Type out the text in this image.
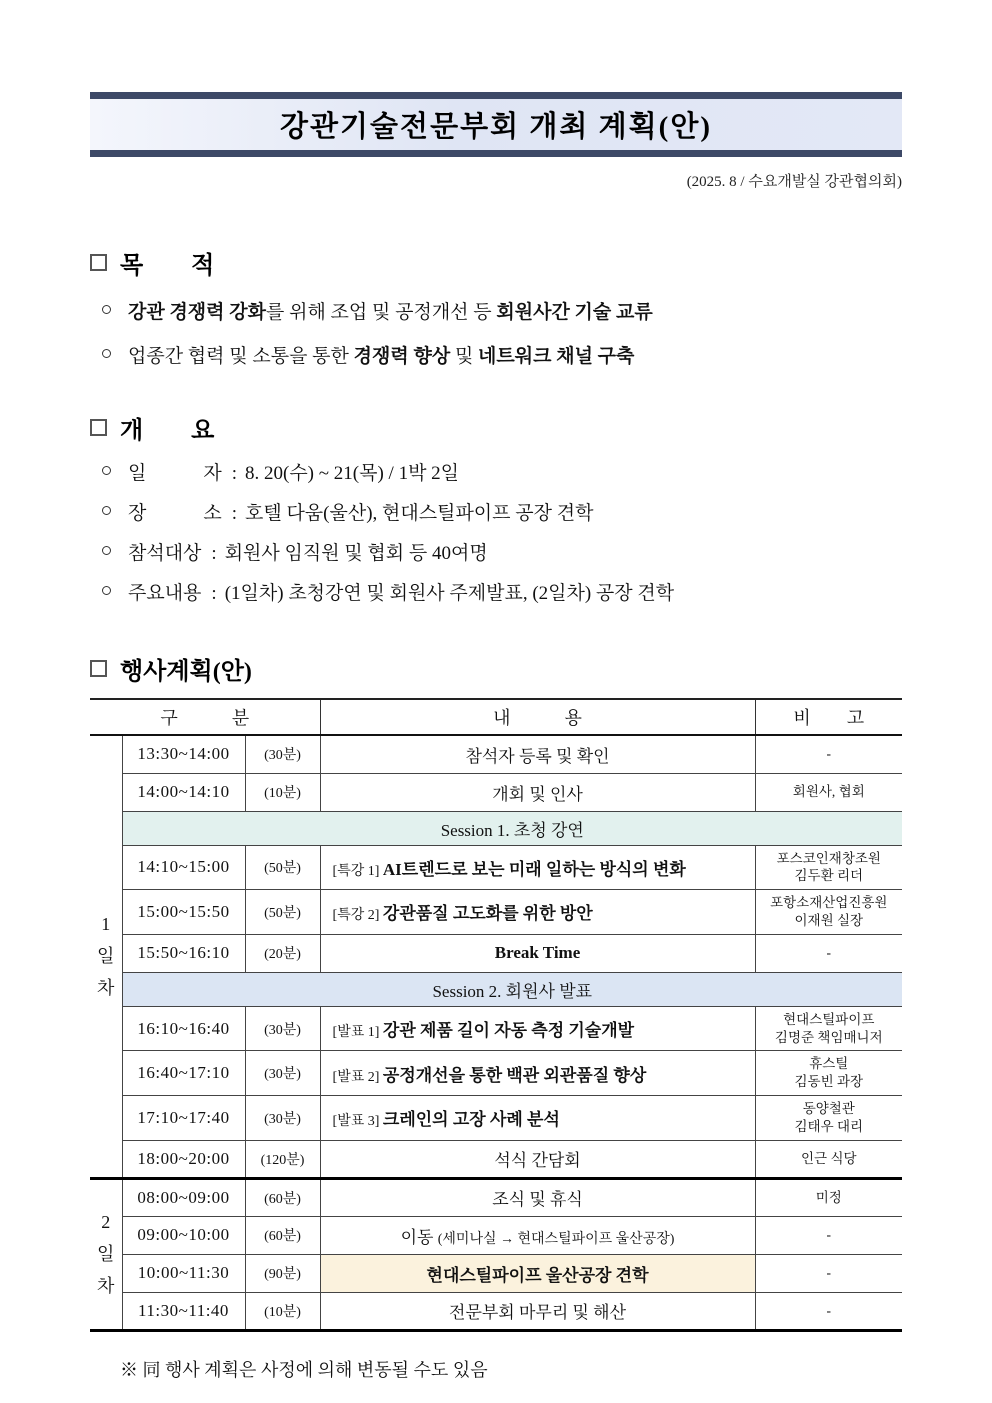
강관기술전문부회 개최 계획(안)
(2025. 8 / 수요개발실 강관협의회)
목　　적
강관 경쟁력 강화를 위해 조업 및 공정개선 등 회원사간 기술 교류
업종간 협력 및 소통을 통한 경쟁력 향상 및 네트워크 채널 구축
개　　요
일　　　자 : 8. 20(수) ~ 21(목) / 1박 2일
장　　　소 : 호텔 다움(울산), 현대스틸파이프 공장 견학
참석대상 : 회원사 임직원 및 협회 등 40여명
주요내용 : (1일차) 초청강연 및 회원사 주제발표, (2일차) 공장 견학
행사계획(안)
구　　　분			내　　　용	비　　고

1
일
차	13:30~14:00	(30분)	참석자 등록 및 확인	-

	14:00~14:10	(10분)	개회 및 인사	회원사, 협회

	Session 1. 초청 강연			
	14:10~15:00	(50분)	[특강 1] AI트렌드로 보는 미래 일하는 방식의 변화	포스코인재창조원
김두환 리더

	15:00~15:50	(50분)	[특강 2] 강관품질 고도화를 위한 방안	포항소재산업진흥원
이재원 실장

	15:50~16:10	(20분)	Break Time	-

	Session 2. 회원사 발표			
	16:10~16:40	(30분)	[발표 1] 강관 제품 길이 자동 측정 기술개발	현대스틸파이프
김명준 책임매니저

	16:40~17:10	(30분)	[발표 2] 공정개선을 통한 백관 외관품질 향상	휴스틸
김동빈 과장

	17:10~17:40	(30분)	[발표 3] 크레인의 고장 사례 분석	동양철관
김태우 대리

	18:00~20:00	(120분)	석식 간담회	인근 식당

2
일
차	08:00~09:00	(60분)	조식 및 휴식	미정

	09:00~10:00	(60분)	이동 (세미나실 → 현대스틸파이프 울산공장)	-

	10:00~11:30	(90분)	현대스틸파이프 울산공장 견학	-

	11:30~11:40	(10분)	전문부회 마무리 및 해산	-

※ 同 행사 계획은 사정에 의해 변동될 수도 있음
